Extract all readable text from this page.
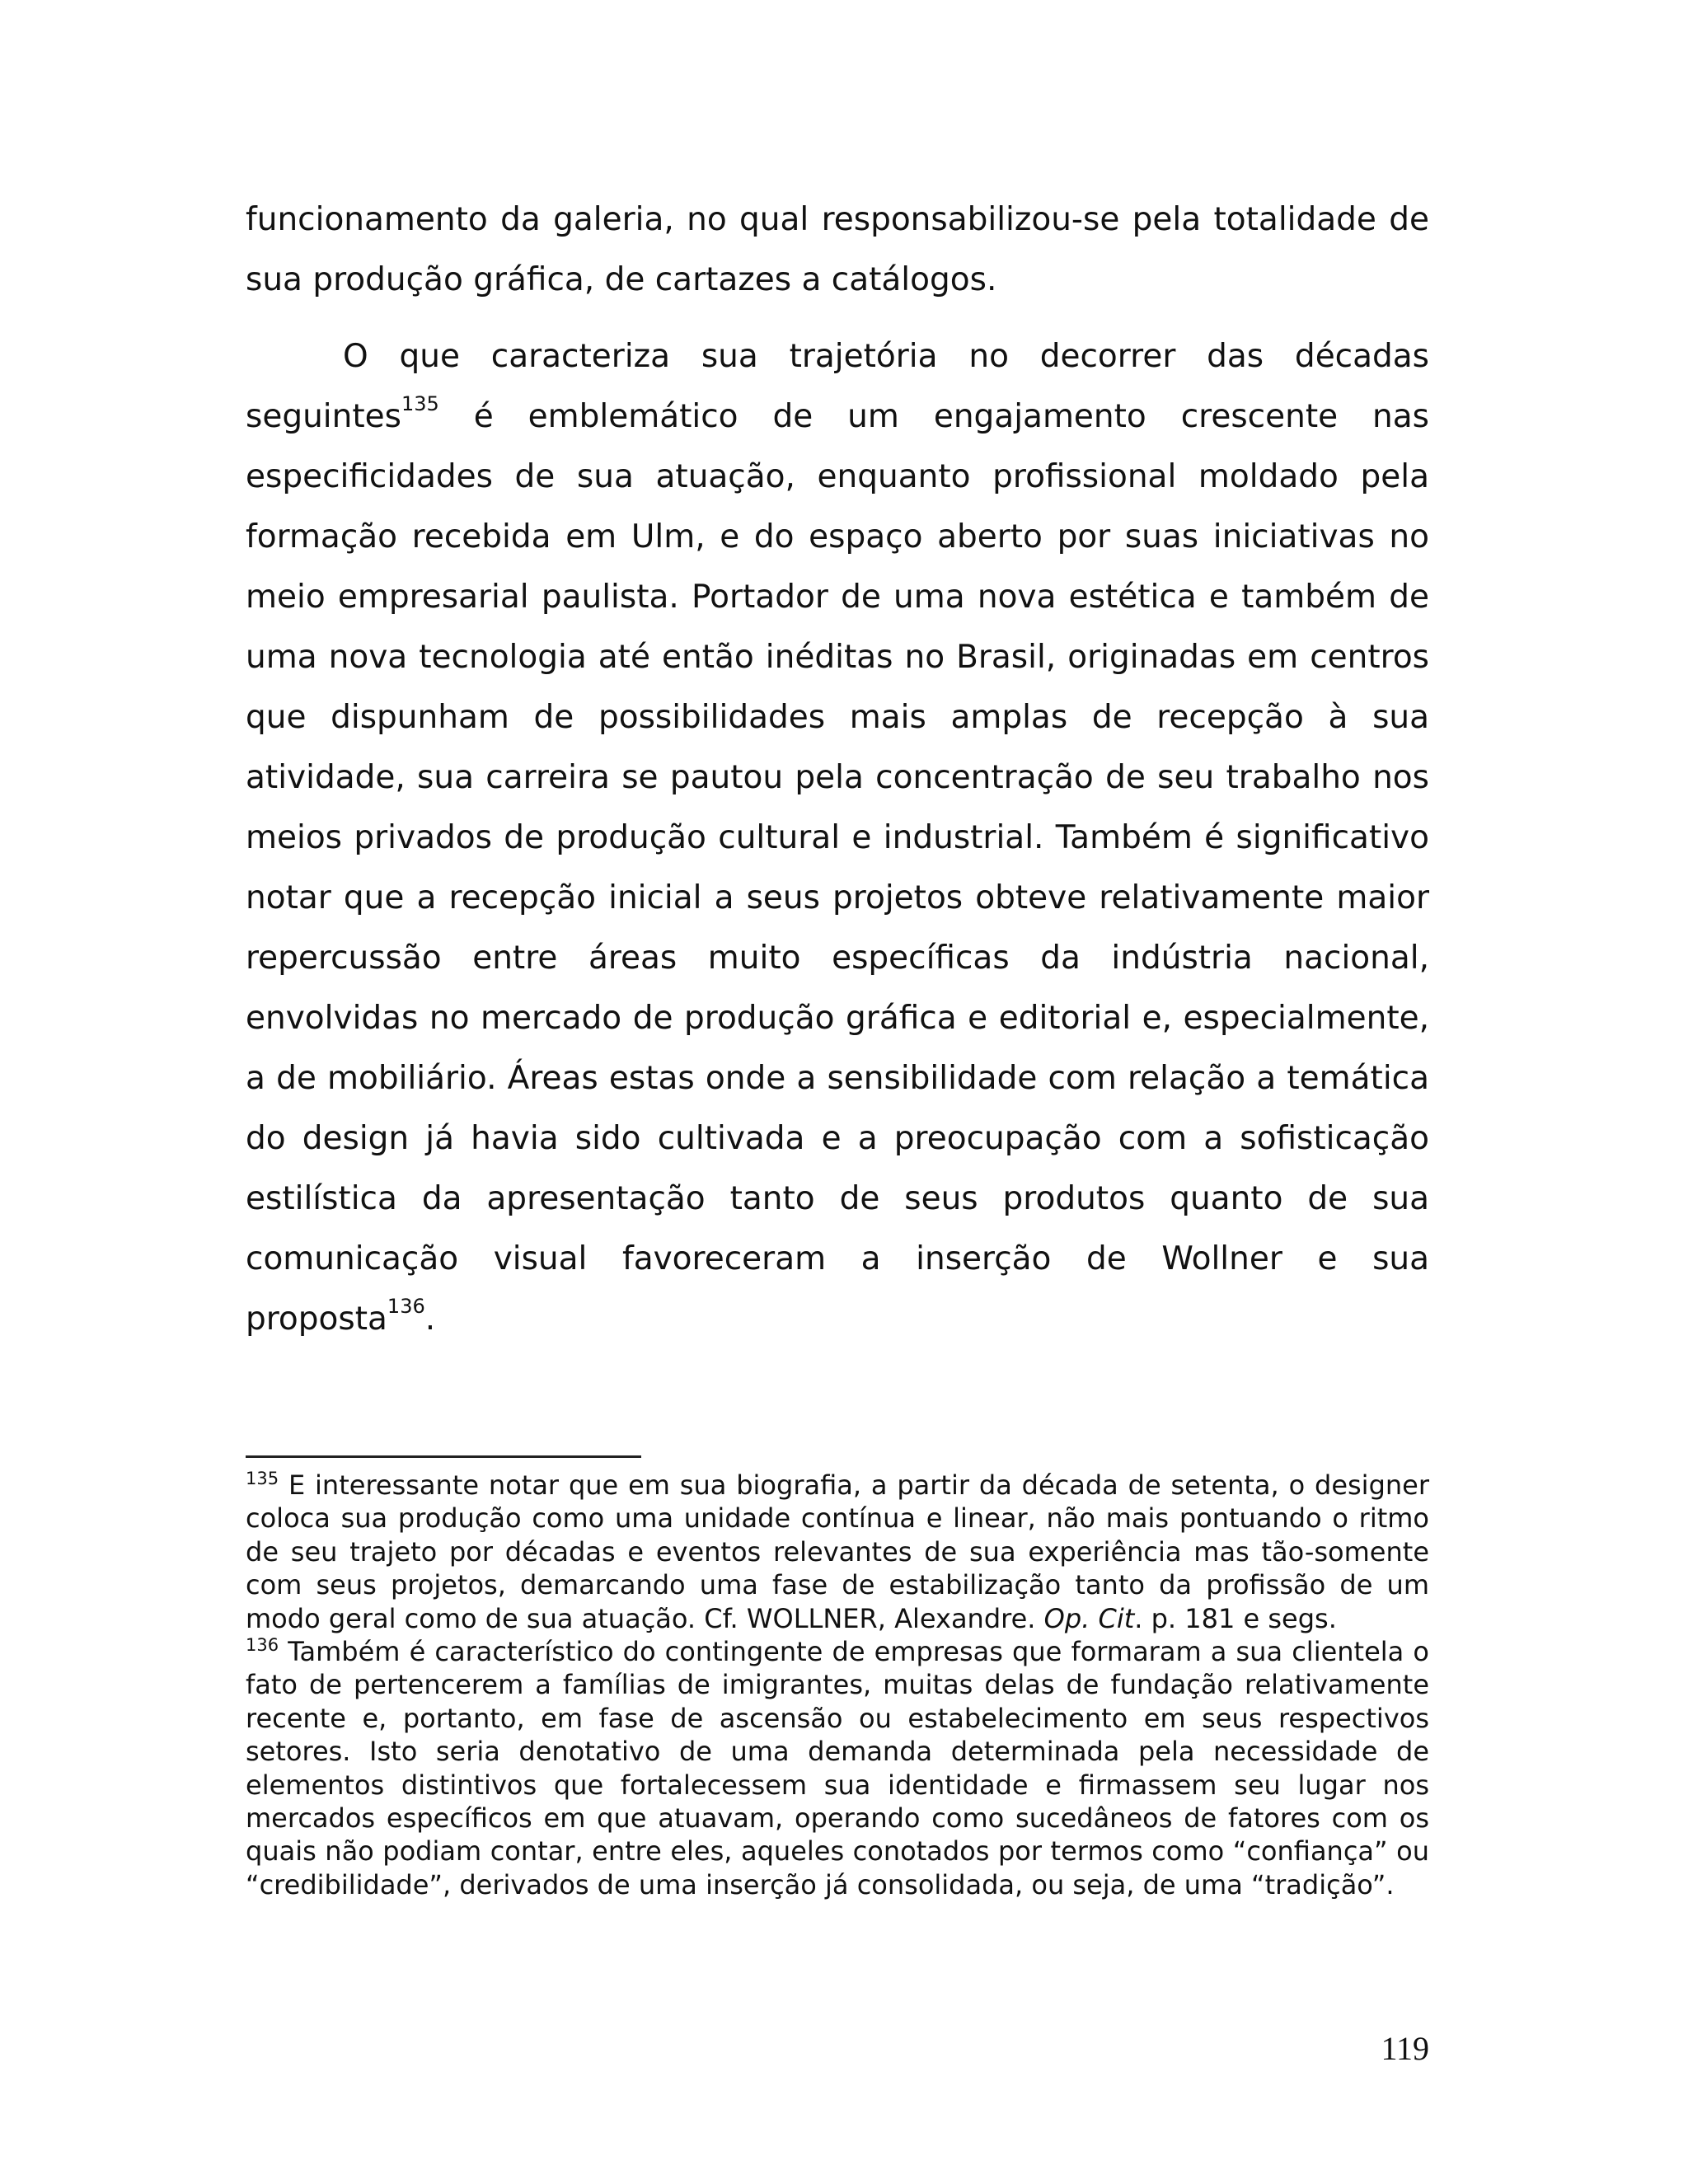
funcionamento da galeria, no qual responsabilizou-se pela totalidade de sua produção gráfica, de cartazes a catálogos.

O que caracteriza sua trajetória no decorrer das décadas seguintes$^{135}$ é emblemático de um engajamento crescente nas especificidades de sua atuação, enquanto profissional moldado pela formação recebida em Ulm, e do espaço aberto por suas iniciativas no meio empresarial paulista. Portador de uma nova estética e também de uma nova tecnologia até então inéditas no Brasil, originadas em centros que dispunham de possibilidades mais amplas de recepção à sua atividade, sua carreira se pautou pela concentração de seu trabalho nos meios privados de produção cultural e industrial. Também é significativo notar que a recepção inicial a seus projetos obteve relativamente maior repercussão entre áreas muito específicas da indústria nacional, envolvidas no mercado de produção gráfica e editorial e, especialmente, a de mobiliário. Áreas estas onde a sensibilidade com relação a temática do design já havia sido cultivada e a preocupação com a sofisticação estilística da apresentação tanto de seus produtos quanto de sua comunicação visual favoreceram a inserção de Wollner e sua proposta$^{136}$.

$^{135}$ E interessante notar que em sua biografia, a partir da década de setenta, o designer coloca sua produção como uma unidade contínua e linear, não mais pontuando o ritmo de seu trajeto por décadas e eventos relevantes de sua experiência mas tão-somente com seus projetos, demarcando uma fase de estabilização tanto da profissão de um modo geral como de sua atuação. Cf. WOLLNER, Alexandre. Op. Cit. p. 181 e segs.

$^{136}$ Também é característico do contingente de empresas que formaram a sua clientela o fato de pertencerem a famílias de imigrantes, muitas delas de fundação relativamente recente e, portanto, em fase de ascensão ou estabelecimento em seus respectivos setores. Isto seria denotativo de uma demanda determinada pela necessidade de elementos distintivos que fortalecessem sua identidade e firmassem seu lugar nos mercados específicos em que atuavam, operando como sucedâneos de fatores com os quais não podiam contar, entre eles, aqueles conotados por termos como “confiança” ou “credibilidade”, derivados de uma inserção já consolidada, ou seja, de uma “tradição”.

119
